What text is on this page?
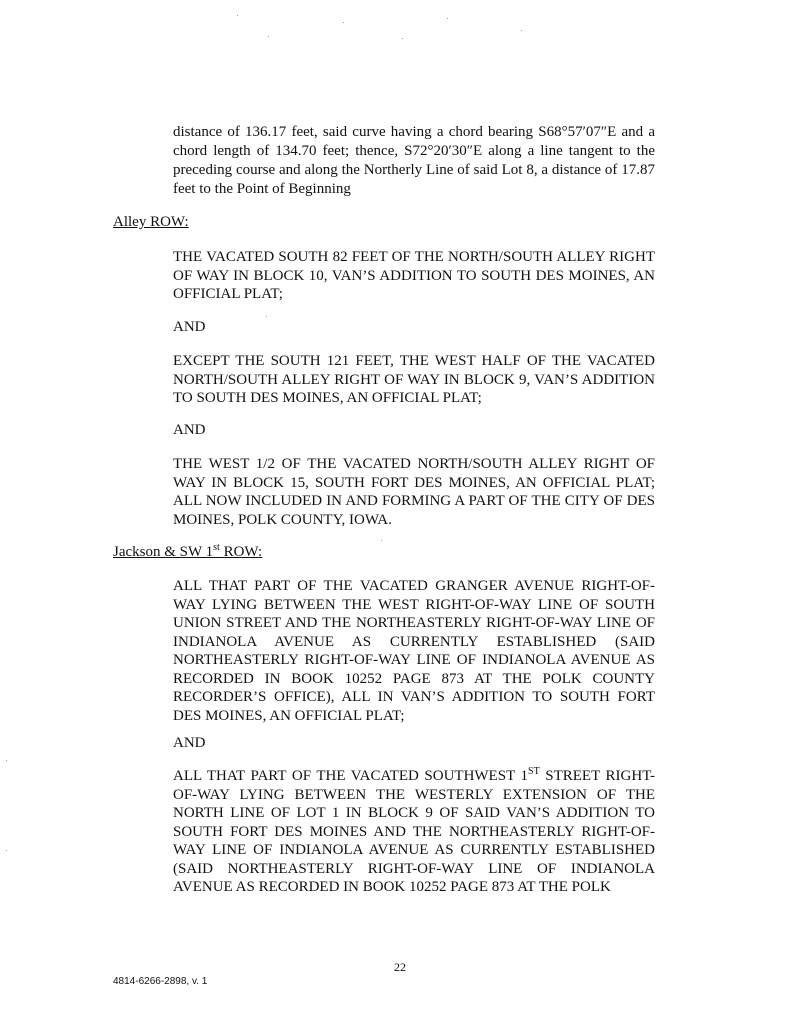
distance of 136.17 feet, said curve having a chord bearing S68°57′07″E and a chord length of 134.70 feet; thence, S72°20′30″E along a line tangent to the preceding course and along the Northerly Line of said Lot 8, a distance of 17.87 feet to the Point of Beginning
Alley ROW:
THE VACATED SOUTH 82 FEET OF THE NORTH/SOUTH ALLEY RIGHT OF WAY IN BLOCK 10, VAN’S ADDITION TO SOUTH DES MOINES, AN OFFICIAL PLAT;
AND
EXCEPT THE SOUTH 121 FEET, THE WEST HALF OF THE VACATED NORTH/SOUTH ALLEY RIGHT OF WAY IN BLOCK 9, VAN’S ADDITION TO SOUTH DES MOINES, AN OFFICIAL PLAT;
AND
THE WEST 1/2 OF THE VACATED NORTH/SOUTH ALLEY RIGHT OF WAY IN BLOCK 15, SOUTH FORT DES MOINES, AN OFFICIAL PLAT; ALL NOW INCLUDED IN AND FORMING A PART OF THE CITY OF DES MOINES, POLK COUNTY, IOWA.
Jackson & SW 1st ROW:
ALL THAT PART OF THE VACATED GRANGER AVENUE RIGHT-OF-WAY LYING BETWEEN THE WEST RIGHT-OF-WAY LINE OF SOUTH UNION STREET AND THE NORTHEASTERLY RIGHT-OF-WAY LINE OF INDIANOLA AVENUE AS CURRENTLY ESTABLISHED (SAID NORTHEASTERLY RIGHT-OF-WAY LINE OF INDIANOLA AVENUE AS RECORDED IN BOOK 10252 PAGE 873 AT THE POLK COUNTY RECORDER’S OFFICE), ALL IN VAN’S ADDITION TO SOUTH FORT DES MOINES, AN OFFICIAL PLAT;
AND
ALL THAT PART OF THE VACATED SOUTHWEST 1ST STREET RIGHT-OF-WAY LYING BETWEEN THE WESTERLY EXTENSION OF THE NORTH LINE OF LOT 1 IN BLOCK 9 OF SAID VAN’S ADDITION TO SOUTH FORT DES MOINES AND THE NORTHEASTERLY RIGHT-OF-WAY LINE OF INDIANOLA AVENUE AS CURRENTLY ESTABLISHED (SAID NORTHEASTERLY RIGHT-OF-WAY LINE OF INDIANOLA AVENUE AS RECORDED IN BOOK 10252 PAGE 873 AT THE POLK
22
4814-6266-2898, v. 1
